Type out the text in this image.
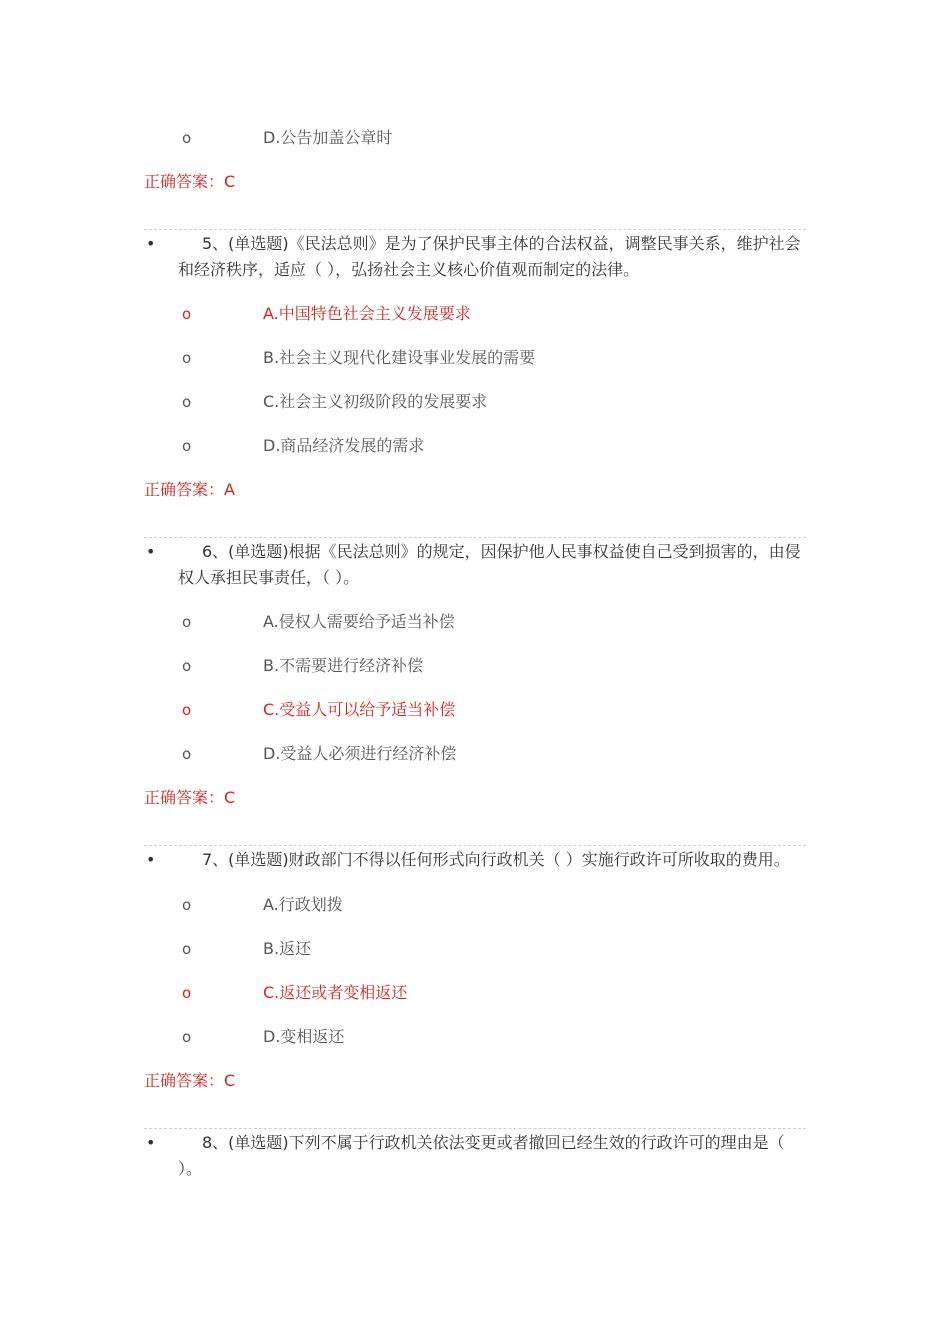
o	D.公告加盖公章时
正确答案：C
•	5、(单选题)《民法总则》是为了保护民事主体的合法权益，调整民事关系，维护社会和经济秩序，适应（ ），弘扬社会主义核心价值观而制定的法律。
o	A.中国特色社会主义发展要求
o	B.社会主义现代化建设事业发展的需要
o	C.社会主义初级阶段的发展要求
o	D.商品经济发展的需求
正确答案：A
•	6、(单选题)根据《民法总则》的规定，因保护他人民事权益使自己受到损害的，由侵权人承担民事责任，（ ）。
o	A.侵权人需要给予适当补偿
o	B.不需要进行经济补偿
o	C.受益人可以给予适当补偿
o	D.受益人必须进行经济补偿
正确答案：C
•	7、(单选题)财政部门不得以任何形式向行政机关（ ）实施行政许可所收取的费用。
o	A.行政划拨
o	B.返还
o	C.返还或者变相返还
o	D.变相返还
正确答案：C
•	8、(单选题)下列不属于行政机关依法变更或者撤回已经生效的行政许可的理由是（ ）。
